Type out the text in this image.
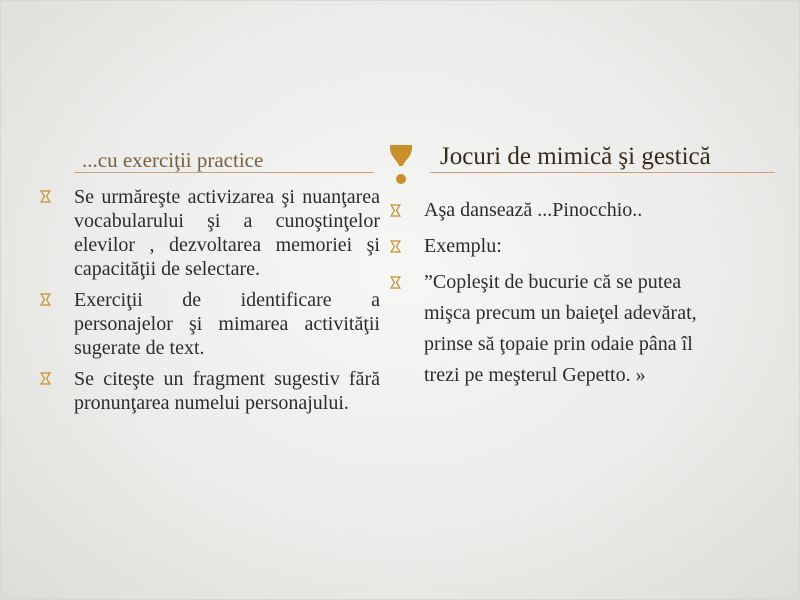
...cu exerciţii practice	Jocuri de mimică şi gestică
Se urmăreşte activizarea şi nuanţarea vocabularului şi a cunoştinţelor elevilor , dezvoltarea memoriei şi capacităţii de selectare.
Exerciţii de identificare a personajelor şi mimarea activităţii sugerate de text.
Se citeşte un fragment sugestiv fără pronunţarea numelui personajului.
Aşa dansează ...Pinocchio..
Exemplu:
”Copleşit de bucurie că se putea mişca precum un baieţel adevărat, prinse să ţopaie prin odaie pâna îl trezi pe meşterul Gepetto. »
